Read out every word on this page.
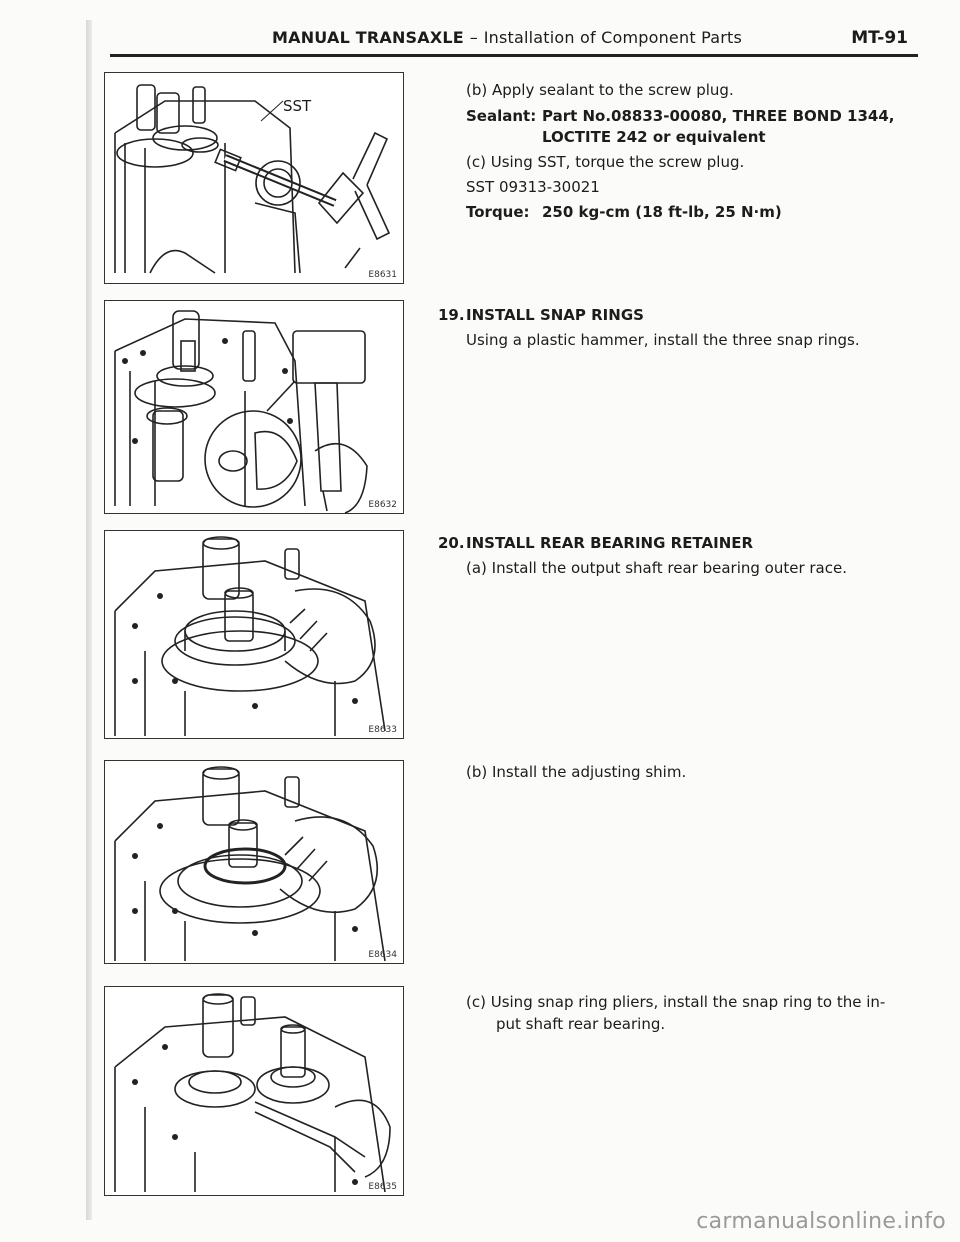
MANUAL TRANSAXLE – Installation of Component Parts	MT-91
SST
E8631
E8632
E8633
E8634
E8635
(b) Apply sealant to the screw plug.
Sealant: Part No.08833-00080, THREE BOND 1344,
LOCTITE 242 or equivalent
(c) Using SST, torque the screw plug.
SST 09313-30021
Torque: 250 kg-cm (18 ft-lb, 25 N·m)
19. INSTALL SNAP RINGS
Using a plastic hammer, install the three snap rings.
20. INSTALL REAR BEARING RETAINER
(a) Install the output shaft rear bearing outer race.
(b) Install the adjusting shim.
(c) Using snap ring pliers, install the snap ring to the in-
put shaft rear bearing.
carmanualsonline.info
